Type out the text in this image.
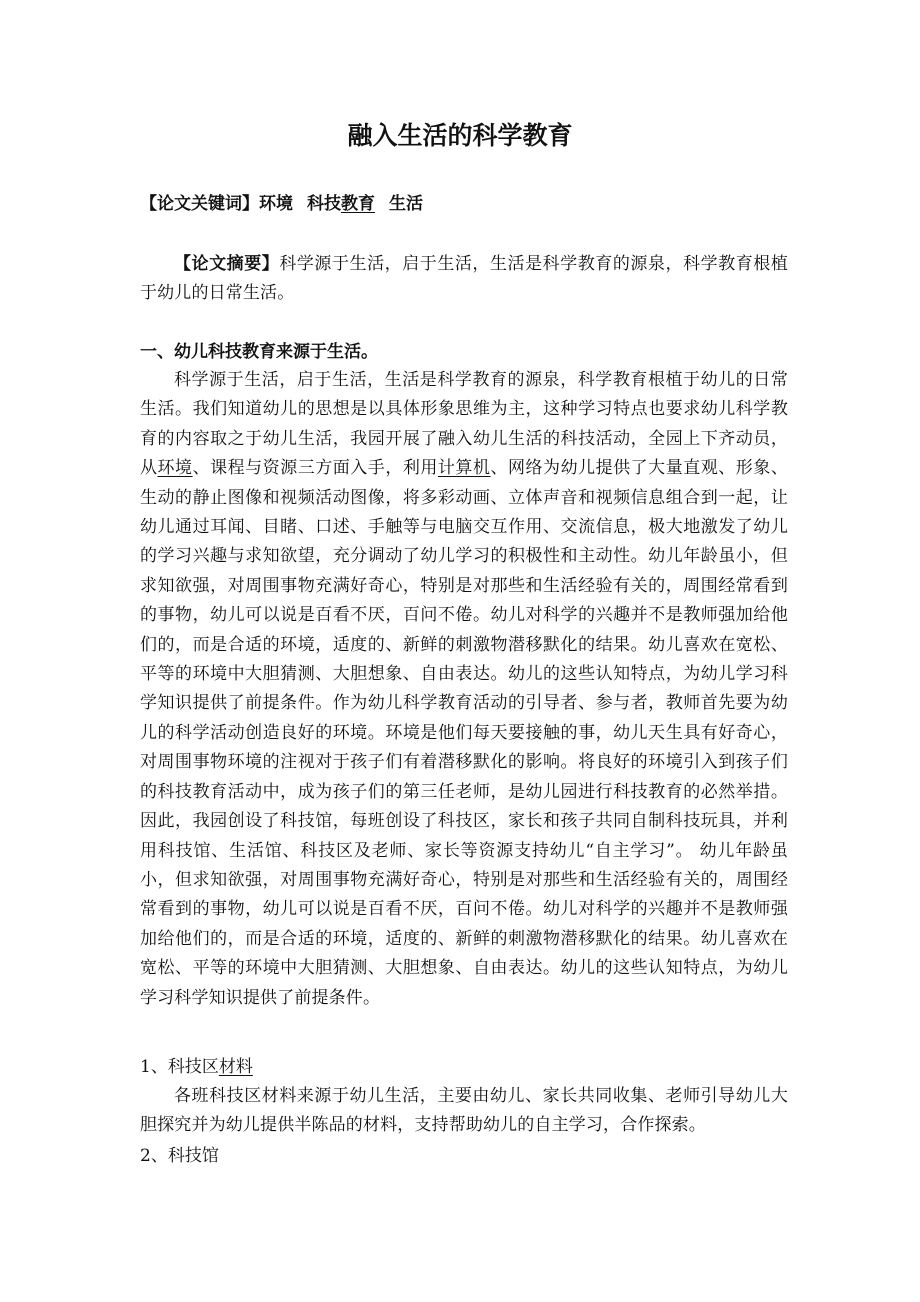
融入生活的科学教育
【论文关键词】环境 科技教育 生活

【论文摘要】科学源于生活，启于生活，生活是科学教育的源泉，科学教育根植于幼儿的日常生活。

一、幼儿科技教育来源于生活。

科学源于生活，启于生活，生活是科学教育的源泉，科学教育根植于幼儿的日常生活。我们知道幼儿的思想是以具体形象思维为主，这种学习特点也要求幼儿科学教育的内容取之于幼儿生活，我园开展了融入幼儿生活的科技活动，全园上下齐动员，从环境、课程与资源三方面入手，利用计算机、网络为幼儿提供了大量直观、形象、生动的静止图像和视频活动图像，将多彩动画、立体声音和视频信息组合到一起，让幼儿通过耳闻、目睹、口述、手触等与电脑交互作用、交流信息，极大地激发了幼儿的学习兴趣与求知欲望，充分调动了幼儿学习的积极性和主动性。幼儿年龄虽小，但求知欲强，对周围事物充满好奇心，特别是对那些和生活经验有关的，周围经常看到的事物，幼儿可以说是百看不厌，百问不倦。幼儿对科学的兴趣并不是教师强加给他们的，而是合适的环境，适度的、新鲜的刺激物潜移默化的结果。幼儿喜欢在宽松、平等的环境中大胆猜测、大胆想象、自由表达。幼儿的这些认知特点，为幼儿学习科学知识提供了前提条件。作为幼儿科学教育活动的引导者、参与者，教师首先要为幼儿的科学活动创造良好的环境。环境是他们每天要接触的事，幼儿天生具有好奇心，对周围事物环境的注视对于孩子们有着潜移默化的影响。将良好的环境引入到孩子们的科技教育活动中，成为孩子们的第三任老师，是幼儿园进行科技教育的必然举措。因此，我园创设了科技馆，每班创设了科技区，家长和孩子共同自制科技玩具，并利用科技馆、生活馆、科技区及老师、家长等资源支持幼儿“自主学习”。 幼儿年龄虽小，但求知欲强，对周围事物充满好奇心，特别是对那些和生活经验有关的，周围经常看到的事物，幼儿可以说是百看不厌，百问不倦。幼儿对科学的兴趣并不是教师强加给他们的，而是合适的环境，适度的、新鲜的刺激物潜移默化的结果。幼儿喜欢在宽松、平等的环境中大胆猜测、大胆想象、自由表达。幼儿的这些认知特点，为幼儿学习科学知识提供了前提条件。

1、科技区材料

各班科技区材料来源于幼儿生活，主要由幼儿、家长共同收集、老师引导幼儿大胆探究并为幼儿提供半陈品的材料，支持帮助幼儿的自主学习，合作探索。

2、科技馆
